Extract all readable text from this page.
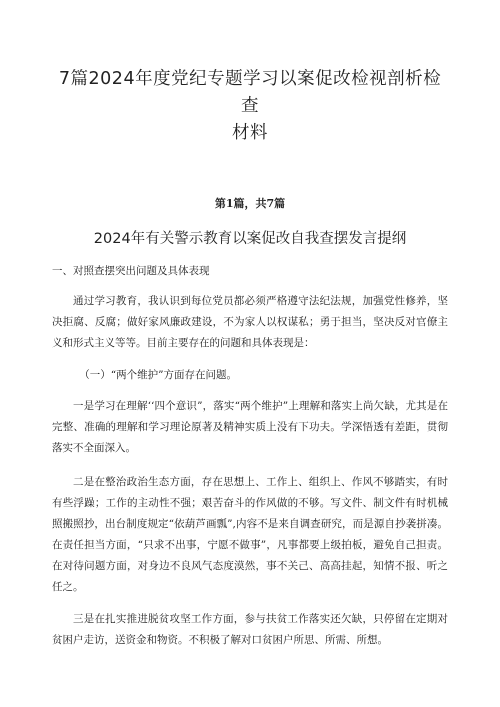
7篇2024年度党纪专题学习以案促改检视剖析检查
材料
第1篇，共7篇
2024年有关警示教育以案促改自我查摆发言提纲
一、对照查摆突出问题及具体表现

通过学习教育，我认识到每位党员都必须严格遵守法纪法规，加强党性修养，坚决拒腐、反腐；做好家风廉政建设，不为家人以权谋私；勇于担当，坚决反对官僚主义和形式主义等等。目前主要存在的问题和具体表现是：

（一）“两个维护”方面存在问题。

一是学习在理解‘‘四个意识”，落实“两个维护”上理解和落实上尚欠缺，尤其是在完整、准确的理解和学习理论原著及精神实质上没有下功夫。学深悟透有差距，贯彻落实不全面深入。

二是在整治政治生态方面，存在思想上、工作上、组织上、作风不够踏实，有时有些浮躁；工作的主动性不强；艰苦奋斗的作风做的不够。写文件、制文件有时机械照搬照抄，出台制度规定“依葫芦画瓢”,内容不是来自调查研究，而是源自抄袭拼凑。在责任担当方面，“只求不出事，宁愿不做事”，凡事都要上级拍板，避免自己担责。在对待问题方面，对身边不良风气态度漠然，事不关己、高高挂起，知情不报、听之任之。

三是在扎实推进脱贫攻坚工作方面，参与扶贫工作落实还欠缺，只停留在定期对贫困户走访，送资金和物资。不积极了解对口贫困户所思、所需、所想。
